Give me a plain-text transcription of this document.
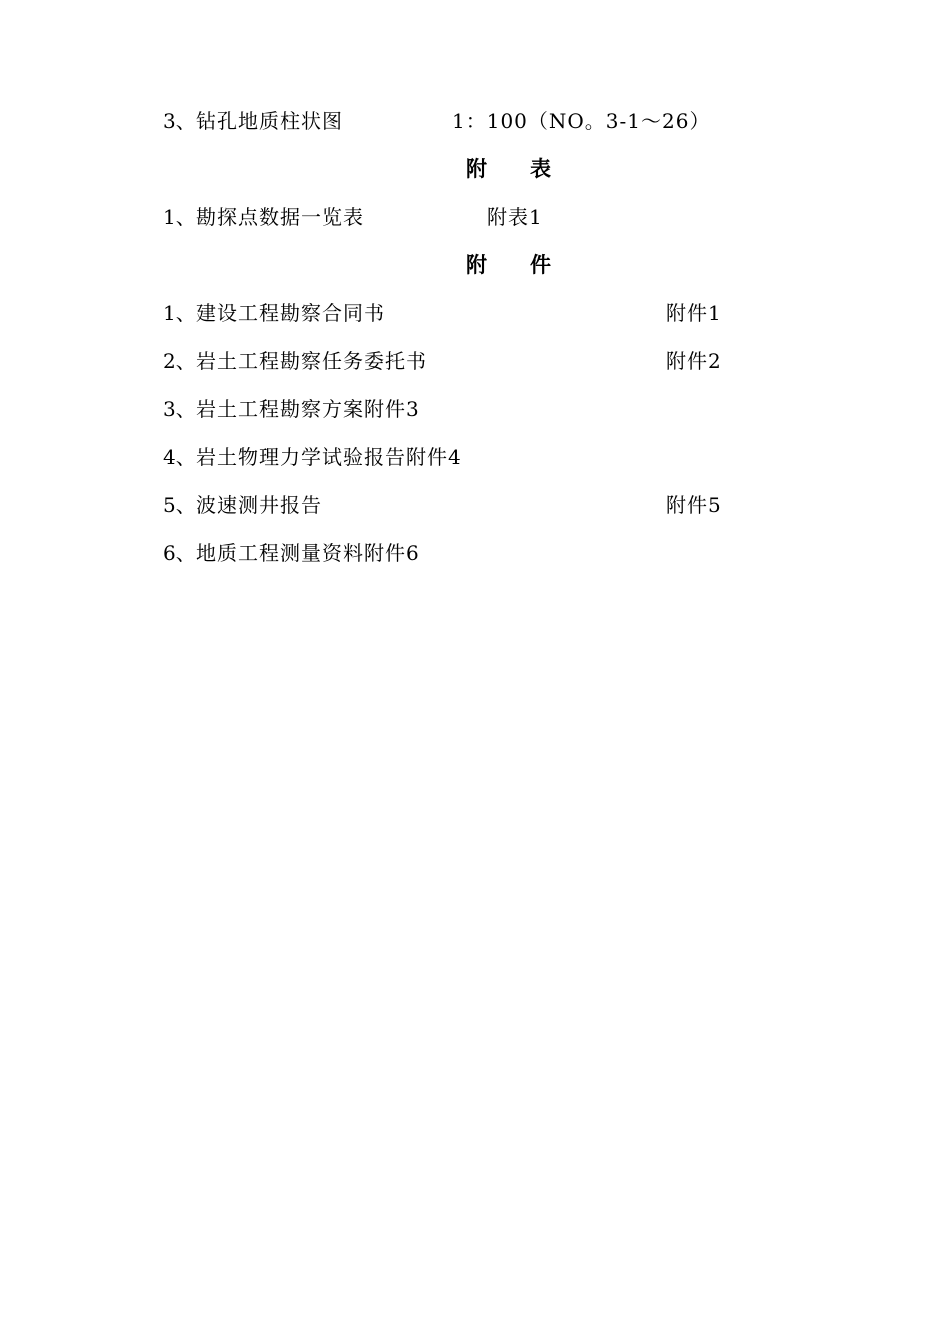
3、 钻孔地质柱状图	1：100（NO。3-1～26）
附 表
1、 勘探点数据一览表	附表1
附 件
1、 建设工程勘察合同书	附件1
2、 岩土工程勘察任务委托书	附件2
3、 岩土工程勘察方案附件3
4、 岩土物理力学试验报告附件4
5、 波速测井报告	附件5
6、 地质工程测量资料附件6
